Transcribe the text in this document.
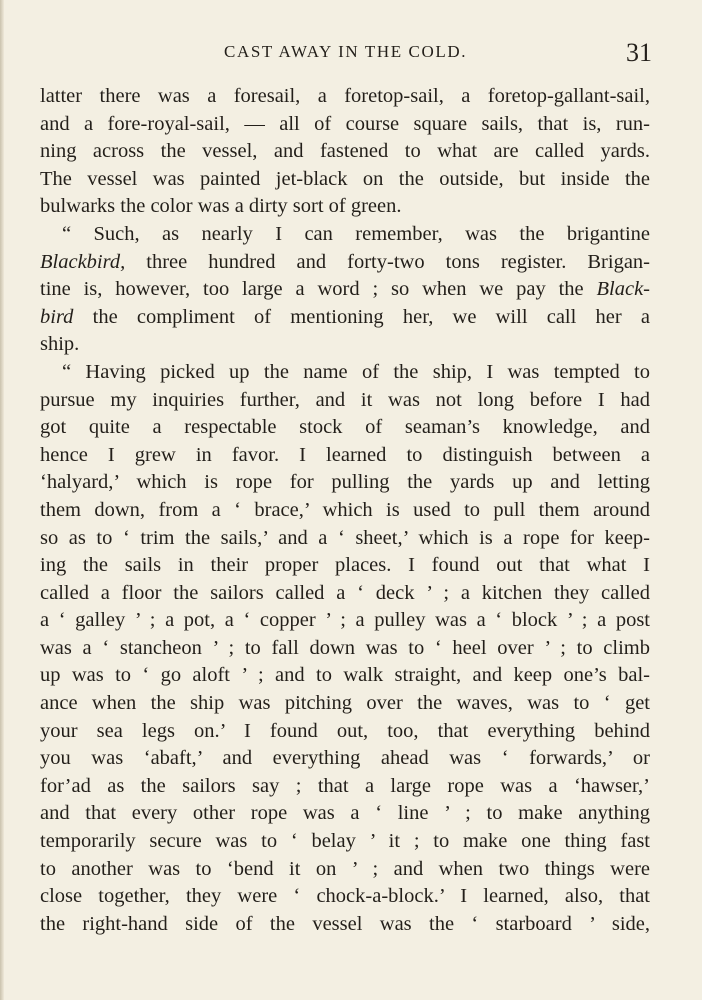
CAST AWAY IN THE COLD.	31
latter there was a foresail, a foretop-sail, a foretop-gallant-sail,
and a fore-royal-sail, — all of course square sails, that is, run-
ning across the vessel, and fastened to what are called yards.
The vessel was painted jet-black on the outside, but inside the
bulwarks the color was a dirty sort of green.
“ Such, as nearly I can remember, was the brigantine
Blackbird, three hundred and forty-two tons register. Brigan-
tine is, however, too large a word ; so when we pay the Black-
bird the compliment of mentioning her, we will call her a
ship.
“ Having picked up the name of the ship, I was tempted to
pursue my inquiries further, and it was not long before I had
got quite a respectable stock of seaman’s knowledge, and
hence I grew in favor. I learned to distinguish between a
‘halyard,’ which is rope for pulling the yards up and letting
them down, from a ‘ brace,’ which is used to pull them around
so as to ‘ trim the sails,’ and a ‘ sheet,’ which is a rope for keep-
ing the sails in their proper places. I found out that what I
called a floor the sailors called a ‘ deck ’ ; a kitchen they called
a ‘ galley ’ ; a pot, a ‘ copper ’ ; a pulley was a ‘ block ’ ; a post
was a ‘ stancheon ’ ; to fall down was to ‘ heel over ’ ; to climb
up was to ‘ go aloft ’ ; and to walk straight, and keep one’s bal-
ance when the ship was pitching over the waves, was to ‘ get
your sea legs on.’ I found out, too, that everything behind
you was ‘abaft,’ and everything ahead was ‘ forwards,’ or
for’ad as the sailors say ; that a large rope was a ‘hawser,’
and that every other rope was a ‘ line ’ ; to make anything
temporarily secure was to ‘ belay ’ it ; to make one thing fast
to another was to ‘bend it on ’ ; and when two things were
close together, they were ‘ chock-a-block.’ I learned, also, that
the right-hand side of the vessel was the ‘ starboard ’ side,
